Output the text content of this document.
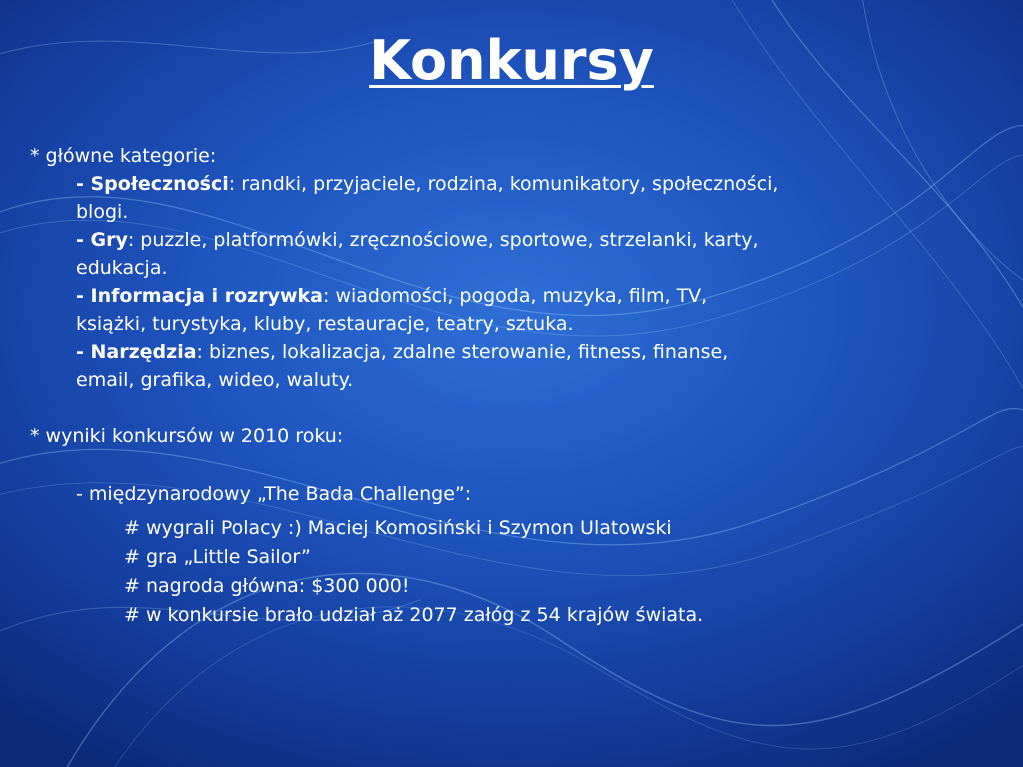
Konkursy
* główne kategorie:
- Społeczności: randki, przyjaciele, rodzina, komunikatory, społeczności,
blogi.
- Gry: puzzle, platformówki, zręcznościowe, sportowe, strzelanki, karty,
edukacja.
- Informacja i rozrywka: wiadomości, pogoda, muzyka, film, TV,
książki, turystyka, kluby, restauracje, teatry, sztuka.
- Narzędzia: biznes, lokalizacja, zdalne sterowanie, fitness, finanse,
email, grafika, wideo, waluty.
* wyniki konkursów w 2010 roku:
- międzynarodowy „The Bada Challenge”:
# wygrali Polacy :) Maciej Komosiński i Szymon Ulatowski
# gra „Little Sailor”
# nagroda główna: $300 000!
# w konkursie brało udział aż 2077 załóg z 54 krajów świata.
